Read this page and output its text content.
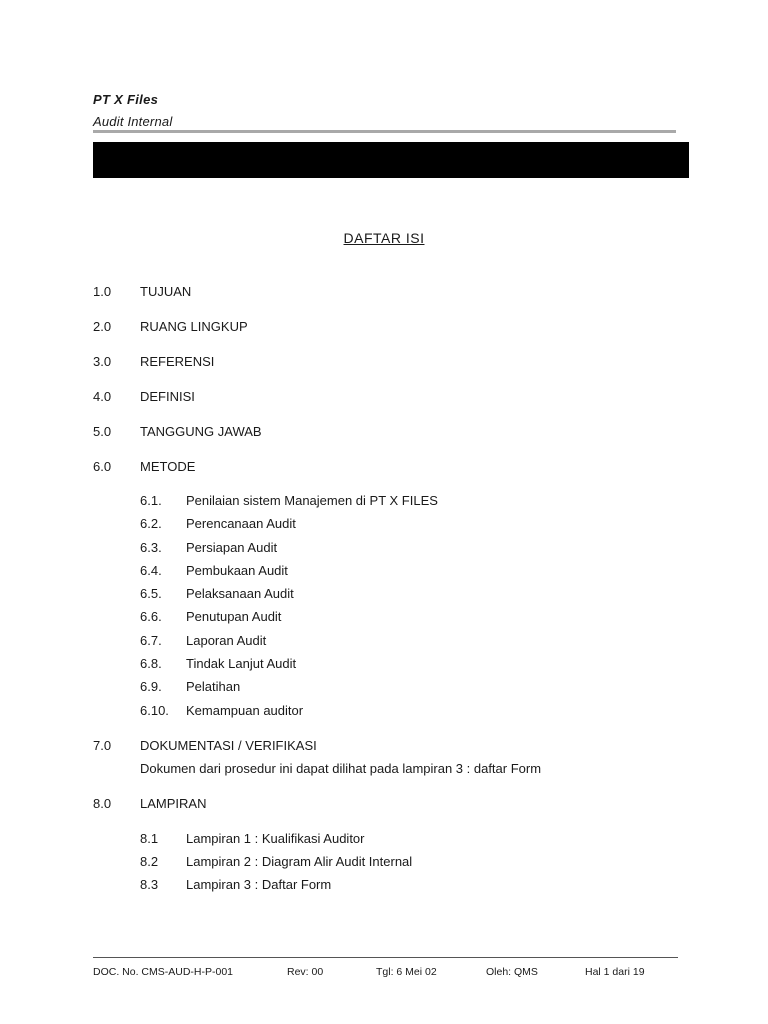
PT X Files
Audit Internal
DAFTAR ISI
1.0 TUJUAN
2.0 RUANG LINGKUP
3.0 REFERENSI
4.0 DEFINISI
5.0 TANGGUNG JAWAB
6.0 METODE
6.1. Penilaian sistem Manajemen di PT X FILES
6.2. Perencanaan Audit
6.3. Persiapan Audit
6.4. Pembukaan Audit
6.5. Pelaksanaan Audit
6.6. Penutupan Audit
6.7. Laporan Audit
6.8. Tindak Lanjut Audit
6.9. Pelatihan
6.10. Kemampuan auditor
7.0 DOKUMENTASI / VERIFIKASI
Dokumen dari prosedur ini dapat dilihat pada lampiran 3 : daftar Form
8.0 LAMPIRAN
8.1 Lampiran 1 : Kualifikasi Auditor
8.2 Lampiran 2 : Diagram Alir Audit Internal
8.3 Lampiran 3 : Daftar Form
DOC. No. CMS-AUD-H-P-001	Rev: 00	Tgl: 6 Mei 02	Oleh: QMS	Hal 1 dari 19
